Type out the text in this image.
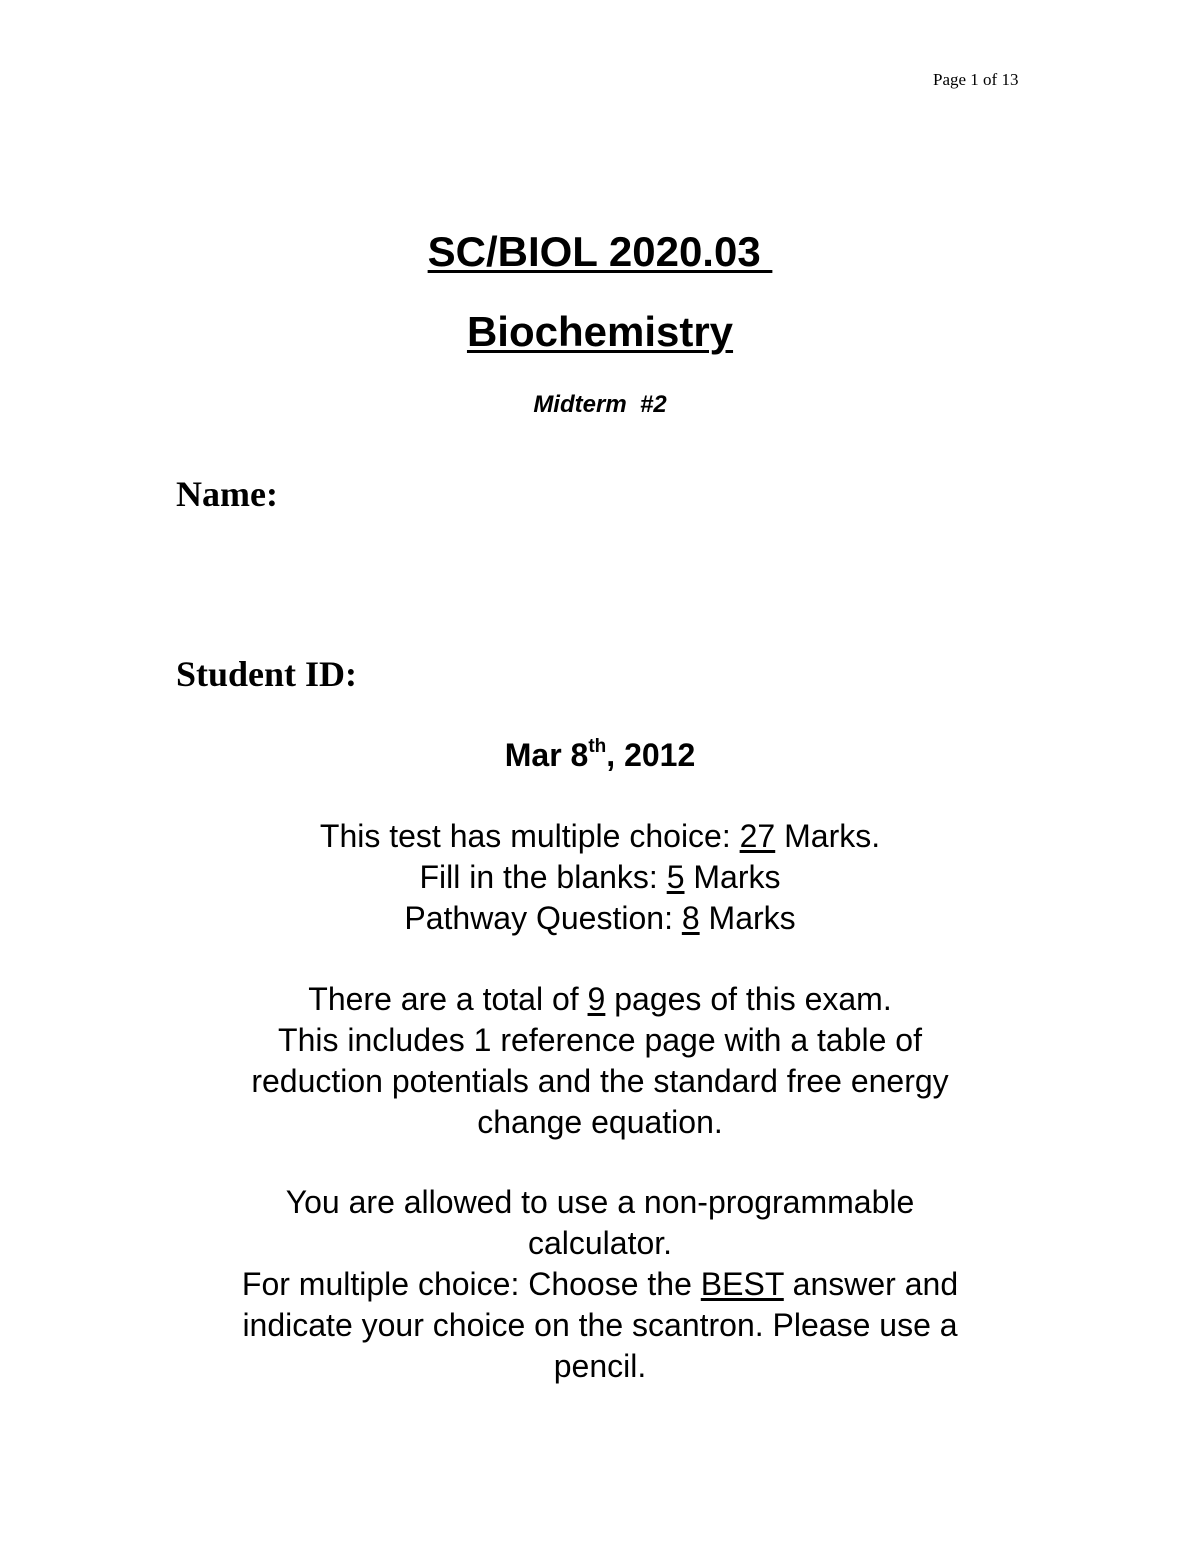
Page 1 of 13
SC/BIOL 2020.03
Biochemistry
Midterm  #2
Name:
Student ID:
Mar 8th, 2012
This test has multiple choice: 27 Marks.
Fill in the blanks: 5 Marks
Pathway Question: 8 Marks
There are a total of 9 pages of this exam.
This includes 1 reference page with a table of
reduction potentials and the standard free energy
change equation.
You are allowed to use a non-programmable
calculator.
For multiple choice: Choose the BEST answer and
indicate your choice on the scantron. Please use a
pencil.
